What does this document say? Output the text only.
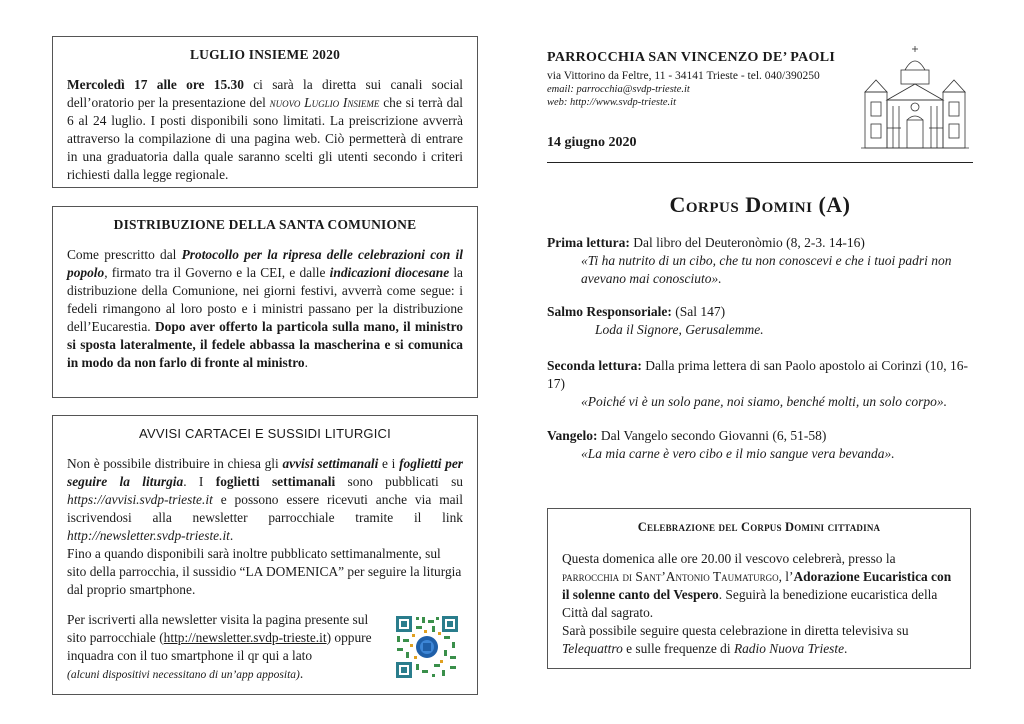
LUGLIO INSIEME 2020

Mercoledì 17 alle ore 15.30 ci sarà la diretta sui canali social dell’oratorio per la presentazione del nuovo Luglio Insieme che si terrà dal 6 al 24 luglio. I posti disponibili sono limitati. La preiscrizione avverrà attraverso la compilazione di una pagina web. Ciò permetterà di entrare in una graduatoria dalla quale saranno scelti gli utenti secondo i criteri richiesti dalla legge regionale.

DISTRIBUZIONE DELLA SANTA COMUNIONE

Come prescritto dal Protocollo per la ripresa delle celebrazioni con il popolo, firmato tra il Governo e la CEI, e dalle indicazioni diocesane la distribuzione della Comunione, nei giorni festivi, avverrà come segue: i fedeli rimangono al loro posto e i ministri passano per la distribuzione dell’Eucarestia. Dopo aver offerto la particola sulla mano, il ministro si sposta lateralmente, il fedele abbassa la mascherina e si comunica in modo da non farlo di fronte al ministro.

AVVISI CARTACEI E SUSSIDI LITURGICI

Non è possibile distribuire in chiesa gli avvisi settimanali e i foglietti per seguire la liturgia. I foglietti settimanali sono pubblicati su https://avvisi.svdp-trieste.it e possono essere ricevuti anche via mail iscrivendosi alla newsletter parrocchiale tramite il link http://newsletter.svdp-trieste.it.

Fino a quando disponibili sarà inoltre pubblicato settimanalmente, sul sito della parrocchia, il sussidio “LA DOMENICA” per seguire la liturgia dal proprio smartphone.

Per iscriverti alla newsletter visita la pagina presente sul sito parrocchiale (http://newsletter.svdp-trieste.it) oppure inquadra con il tuo smartphone il qr qui a lato
(alcuni dispositivi necessitano di un’app apposita).

PARROCCHIA SAN VINCENZO DE’ PAOLI
via Vittorino da Feltre, 11 - 34141 Trieste - tel. 040/390250
email: parrocchia@svdp-trieste.it
web: http://www.svdp-trieste.it
14 giugno 2020
Corpus Domini (A)
Prima lettura: Dal libro del Deuteronòmio (8, 2-3. 14-16)
«Ti ha nutrito di un cibo, che tu non conoscevi e che i tuoi padri non avevano mai conosciuto».
Salmo Responsoriale: (Sal 147)
Loda il Signore, Gerusalemme.
Seconda lettura: Dalla prima lettera di san Paolo apostolo ai Corinzi (10, 16-17)
«Poiché vi è un solo pane, noi siamo, benché molti, un solo corpo».
Vangelo: Dal Vangelo secondo Giovanni (6, 51-58)
«La mia carne è vero cibo e il mio sangue vera bevanda».
Celebrazione del Corpus Domini cittadina

Questa domenica alle ore 20.00 il vescovo celebrerà, presso la parrocchia di Sant’Antonio Taumaturgo, l’Adorazione Eucaristica con il solenne canto del Vespero. Seguirà la benedizione eucaristica della Città dal sagrato.

Sarà possibile seguire questa celebrazione in diretta televisiva su Telequattro e sulle frequenze di Radio Nuova Trieste.
